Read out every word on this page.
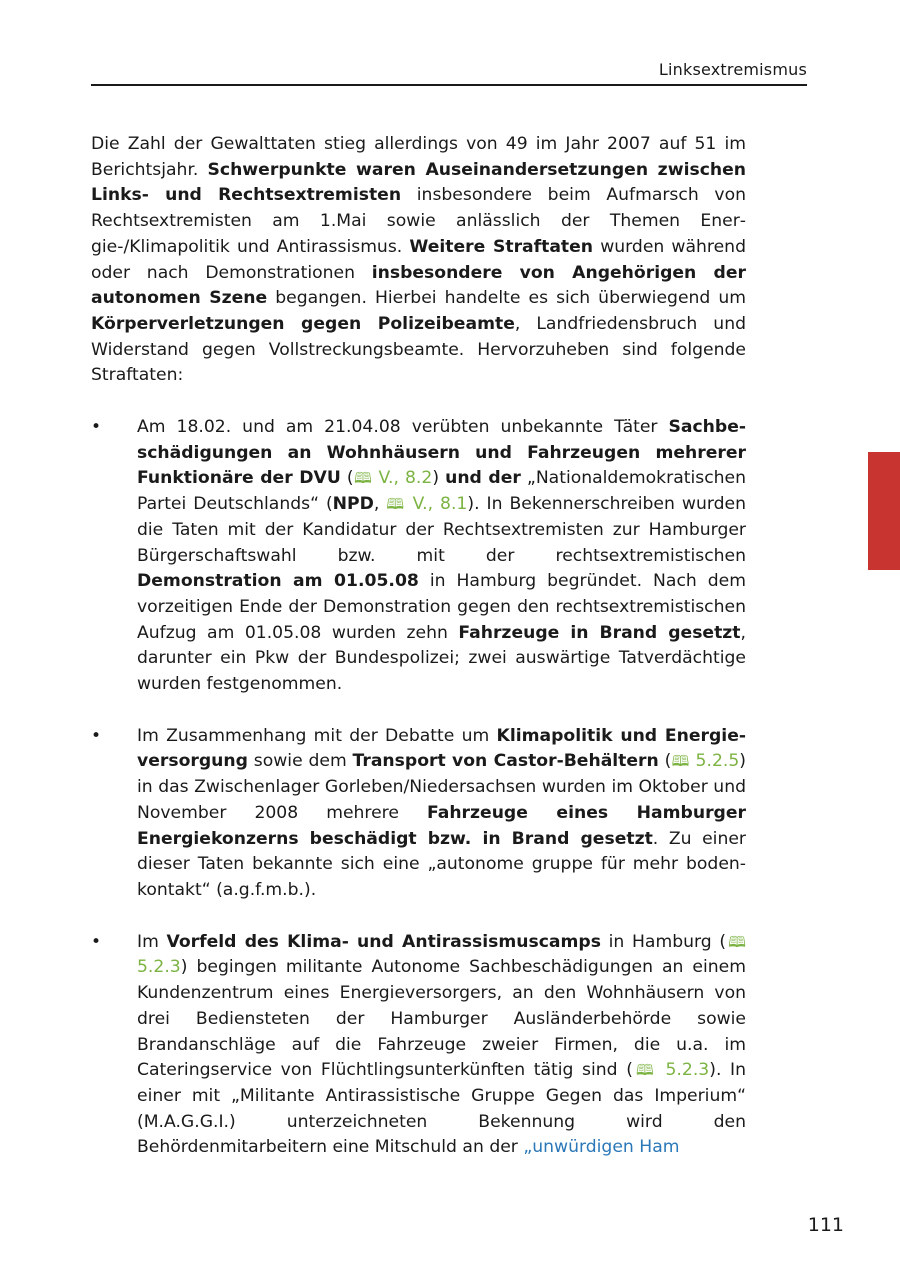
Linksextremismus

Die Zahl der Gewalttaten stieg allerdings von 49 im Jahr 2007 auf 51 im Berichtsjahr. Schwerpunkte waren Auseinandersetzungen zwischen Links- und Rechtsextremisten insbesondere beim Aufmarsch von Rechtsextremisten am 1.Mai sowie anlässlich der Themen Energie-/Klimapolitik und Antirassismus. Weitere Straftaten wurden während oder nach Demonstrationen insbesondere von Angehörigen der autonomen Szene begangen. Hierbei handelte es sich überwiegend um Körperverletzungen gegen Polizeibeamte, Landfriedensbruch und Widerstand gegen Vollstreckungsbeamte. Hervorzuheben sind folgende Straftaten:

•	Am 18.02. und am 21.04.08 verübten unbekannte Täter Sachbeschädigungen an Wohnhäusern und Fahrzeugen mehrerer Funktionäre der DVU (🕮 V., 8.2) und der „Nationaldemokratischen Partei Deutschlands“ (NPD, 🕮 V., 8.1). In Bekennerschreiben wurden die Taten mit der Kandidatur der Rechtsextremisten zur Hamburger Bürgerschaftswahl bzw. mit der rechtsextremistischen Demonstration am 01.05.08 in Hamburg begründet. Nach dem vorzeitigen Ende der Demonstration gegen den rechtsextremistischen Aufzug am 01.05.08 wurden zehn Fahrzeuge in Brand gesetzt, darunter ein Pkw der Bundespolizei; zwei auswärtige Tatverdächtige wurden festgenommen.

•	Im Zusammenhang mit der Debatte um Klimapolitik und Energieversorgung sowie dem Transport von Castor-Behältern (🕮 5.2.5) in das Zwischenlager Gorleben/Niedersachsen wurden im Oktober und November 2008 mehrere Fahrzeuge eines Hamburger Energiekonzerns beschädigt bzw. in Brand gesetzt. Zu einer dieser Taten bekannte sich eine „autonome gruppe für mehr bodenkontakt“ (a.g.f.m.b.).

•	Im Vorfeld des Klima- und Antirassismuscamps in Hamburg (🕮 5.2.3) begingen militante Autonome Sachbeschädigungen an einem Kundenzentrum eines Energieversorgers, an den Wohnhäusern von drei Bediensteten der Hamburger Ausländerbehörde sowie Brandanschläge auf die Fahrzeuge zweier Firmen, die u.a. im Cateringservice von Flüchtlingsunterkünften tätig sind (🕮 5.2.3). In einer mit „Militante Antirassistische Gruppe Gegen das Imperium“ (M.A.G.G.I.) unterzeichneten Bekennung wird den Behördenmitarbeitern eine Mitschuld an der „unwürdigen Ham

111
